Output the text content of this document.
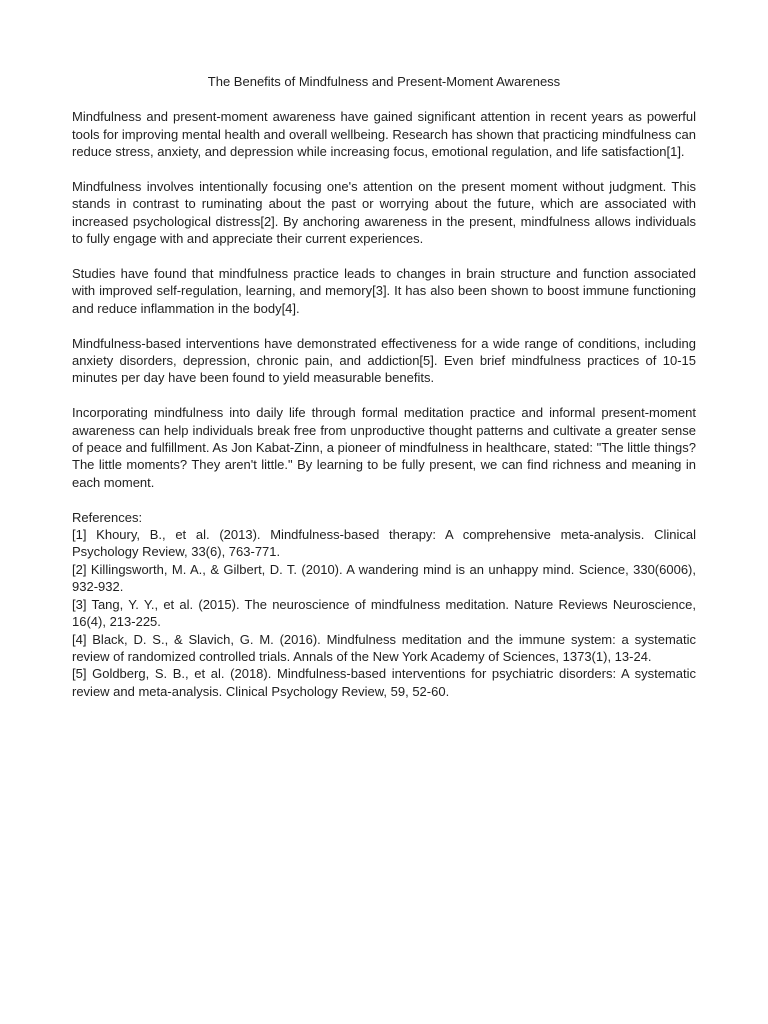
The Benefits of Mindfulness and Present-Moment Awareness

Mindfulness and present-moment awareness have gained significant attention in recent years as powerful tools for improving mental health and overall wellbeing. Research has shown that practicing mindfulness can reduce stress, anxiety, and depression while increasing focus, emotional regulation, and life satisfaction[1].

Mindfulness involves intentionally focusing one's attention on the present moment without judgment. This stands in contrast to ruminating about the past or worrying about the future, which are associated with increased psychological distress[2]. By anchoring awareness in the present, mindfulness allows individuals to fully engage with and appreciate their current experiences.

Studies have found that mindfulness practice leads to changes in brain structure and function associated with improved self-regulation, learning, and memory[3]. It has also been shown to boost immune functioning and reduce inflammation in the body[4].

Mindfulness-based interventions have demonstrated effectiveness for a wide range of conditions, including anxiety disorders, depression, chronic pain, and addiction[5]. Even brief mindfulness practices of 10-15 minutes per day have been found to yield measurable benefits.

Incorporating mindfulness into daily life through formal meditation practice and informal present-moment awareness can help individuals break free from unproductive thought patterns and cultivate a greater sense of peace and fulfillment. As Jon Kabat-Zinn, a pioneer of mindfulness in healthcare, stated: "The little things? The little moments? They aren't little." By learning to be fully present, we can find richness and meaning in each moment.

References:
[1] Khoury, B., et al. (2013). Mindfulness-based therapy: A comprehensive meta-analysis. Clinical Psychology Review, 33(6), 763-771.
[2] Killingsworth, M. A., & Gilbert, D. T. (2010). A wandering mind is an unhappy mind. Science, 330(6006), 932-932.
[3] Tang, Y. Y., et al. (2015). The neuroscience of mindfulness meditation. Nature Reviews Neuroscience, 16(4), 213-225.
[4] Black, D. S., & Slavich, G. M. (2016). Mindfulness meditation and the immune system: a systematic review of randomized controlled trials. Annals of the New York Academy of Sciences, 1373(1), 13-24.
[5] Goldberg, S. B., et al. (2018). Mindfulness-based interventions for psychiatric disorders: A systematic review and meta-analysis. Clinical Psychology Review, 59, 52-60.
